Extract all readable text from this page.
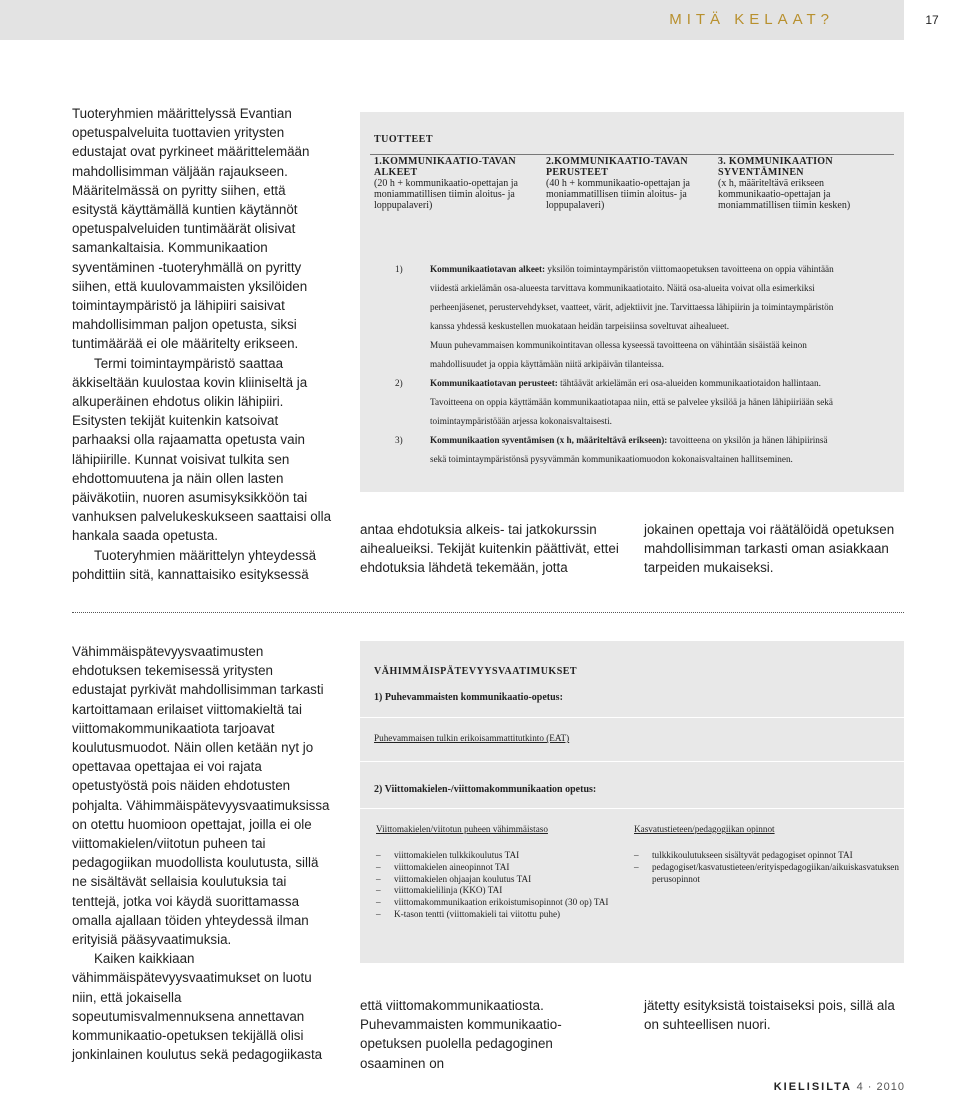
MITÄ KELAAT?	17

Tuoteryhmien määrittelyssä Evantian opetuspalveluita tuottavien yritysten edustajat ovat pyrkineet määrittelemään mahdollisimman väljään rajaukseen. Määritelmässä on pyritty siihen, että esitystä käyttämällä kuntien käytännöt opetuspalveluiden tuntimäärät olisivat samankaltaisia. Kommunikaation syventäminen -tuoteryhmällä on pyritty siihen, että kuulovammaisten yksilöiden toimintaympäristö ja lähipiiri saisivat mahdollisimman paljon opetusta, siksi tuntimäärää ei ole määritelty erikseen.

Termi toimintaympäristö saattaa äkkiseltään kuulostaa kovin kliiniseltä ja alkuperäinen ehdotus olikin lähipiiri. Esitysten tekijät kuitenkin katsoivat parhaaksi olla rajaamatta opetusta vain lähipiirille. Kunnat voisivat tulkita sen ehdottomuutena ja näin ollen lasten päiväkotiin, nuoren asumisyksikköön tai vanhuksen palvelukeskukseen saattaisi olla hankala saada opetusta.

Tuoteryhmien määrittelyn yhteydessä pohdittiin sitä, kannattaisiko esityksessä

TUOTTEET
1.KOMMUNIKAATIO-TAVAN
ALKEET
(20 h + kommunikaatio-opettajan ja moniammatillisen tiimin aloitus- ja loppupalaveri)
2.KOMMUNIKAATIO-TAVAN
PERUSTEET
(40 h + kommunikaatio-opettajan ja moniammatillisen tiimin aloitus- ja loppupalaveri)
3. KOMMUNIKAATION
SYVENTÄMINEN
(x h, määriteltävä erikseen kommunikaatio-opettajan ja moniammatillisen tiimin kesken)
1)	Kommunikaatiotavan alkeet: yksilön toimintaympäristön viittomaopetuksen tavoitteena on oppia vähintään
viidestä arkielämän osa-alueesta tarvittava kommunikaatiotaito. Näitä osa-alueita voivat olla esimerkiksi
perheenjäsenet, perustervehdykset, vaatteet, värit, adjektiivit jne. Tarvittaessa lähipiirin ja toimintaympäristön
kanssa yhdessä keskustellen muokataan heidän tarpeisiinsa soveltuvat aihealueet.
Muun puhevammaisen kommunikointitavan ollessa kyseessä tavoitteena on vähintään sisäistää keinon
mahdollisuudet ja oppia käyttämään niitä arkipäivän tilanteissa.
2)	Kommunikaatiotavan perusteet: tähtäävät arkielämän eri osa-alueiden kommunikaatiotaidon hallintaan.
Tavoitteena on oppia käyttämään kommunikaatiotapaa niin, että se palvelee yksilöä ja hänen lähipiiriään sekä
toimintaympäristöään arjessa kokonaisvaltaisesti.
3)	Kommunikaation syventämisen (x h, määriteltävä erikseen): tavoitteena on yksilön ja hänen lähipiirinsä
sekä toimintaympäristönsä pysyvämmän kommunikaatiomuodon kokonaisvaltainen hallitseminen.
antaa ehdotuksia alkeis- tai jatkokurssin aihealueiksi. Tekijät kuitenkin päättivät, ettei ehdotuksia lähdetä tekemään, jotta
jokainen opettaja voi räätälöidä opetuksen mahdollisimman tarkasti oman asiakkaan tarpeiden mukaiseksi.

Vähimmäispätevyysvaatimusten ehdotuksen tekemisessä yritysten edustajat pyrkivät mahdollisimman tarkasti kartoittamaan erilaiset viittomakieltä tai viittomakommunikaatiota tarjoavat koulutusmuodot. Näin ollen ketään nyt jo opettavaa opettajaa ei voi rajata opetustyöstä pois näiden ehdotusten pohjalta. Vähimmäispätevyysvaatimuksissa on otettu huomioon opettajat, joilla ei ole viittomakielen/viitotun puheen tai pedagogiikan muodollista koulutusta, sillä ne sisältävät sellaisia koulutuksia tai tenttejä, jotka voi käydä suorittamassa omalla ajallaan töiden yhteydessä ilman erityisiä pääsyvaatimuksia.

Kaiken kaikkiaan vähimmäispätevyysvaatimukset on luotu niin, että jokaisella sopeutumisvalmennuksena annettavan kommunikaatio-opetuksen tekijällä olisi jonkinlainen koulutus sekä pedagogiikasta

VÄHIMMÄISPÄTEVYYSVAATIMUKSET
1) Puhevammaisten kommunikaatio-opetus:
Puhevammaisen tulkin erikoisammattitutkinto (EAT)
2) Viittomakielen-/viittomakommunikaation opetus:
Viittomakielen/viitotun puheen vähimmäistaso	Kasvatustieteen/pedagogiikan opinnot
– viittomakielen tulkkikoulutus TAI
– viittomakielen aineopinnot TAI
– viittomakielen ohjaajan koulutus TAI
– viittomakielilinja (KKO) TAI
– viittomakommunikaation erikoistumisopinnot (30 op) TAI
– K-tason tentti (viittomakieli tai viitottu puhe)
– tulkkikoulutukseen sisältyvät pedagogiset opinnot TAI
– pedagogiset/kasvatustieteen/erityispedagogiikan/aikuiskasvatuksen perusopinnot
että viittomakommunikaatiosta. Puhevammaisten kommunikaatio-opetuksen puolella pedagoginen osaaminen on
jätetty esityksistä toistaiseksi pois, sillä ala on suhteellisen nuori.
KIELISILTA 4 · 2010
